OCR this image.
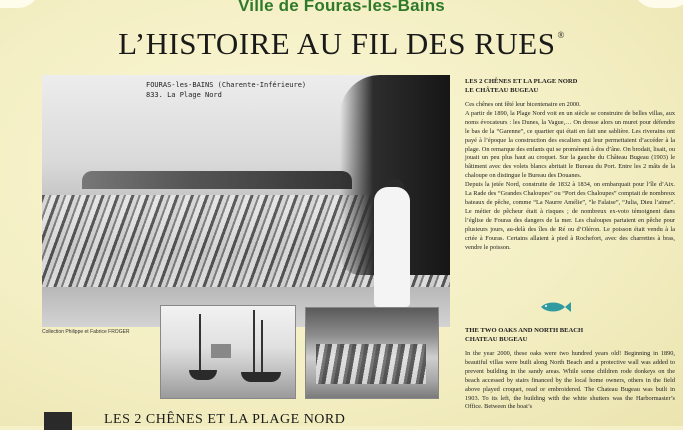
Ville de Fouras-les-Bains
L’HISTOIRE AU FIL DES RUES ®
FOURAS-les-BAINS (Charente-Inférieure)
833. La Plage Nord
Collection Philippe et Fabrice FROGER
LES 2 CHÊNES ET LA PLAGE NORD
LE CHÂTEAU BUGEAU

Ces chênes ont fêté leur bicentenaire en 2000.

A partir de 1890, la Plage Nord voit en un siècle se construire de belles villas, aux noms évocateurs : les Dunes, la Vague,… On dresse alors un muret pour défendre le bas de la “Garenne”, ce quartier qui était en fait une sablière. Les riverains ont payé à l’époque la construction des escaliers qui leur permettaient d’accéder à la plage. On remarque des enfants qui se promènent à dos d’âne. On brodait, lisait, ou jouait un peu plus haut au croquet. Sur la gauche du Château Bugeau (1903) le bâtiment avec des volets blancs abritait le Bureau du Port. Entre les 2 mâts de la chaloupe on distingue le Bureau des Douanes.

Depuis la jetée Nord, construite de 1832 à 1834, on embarquait pour l’île d’Aix. La Rade des “Grandes Chaloupes” ou “Port des Chaloupes” comptait de nombreux bateaux de pêche, comme “La Naurre Amélie”, “le Falaise”, “Julia, Dieu l’aime”. Le métier de pêcheur était à risques ; de nombreux ex-voto témoignent dans l’église de Fouras des dangers de la mer. Les chaloupes partaient en pêche pour plusieurs jours, au-delà des îles de Ré ou d’Oléron. Le poisson était vendu à la criée à Fouras. Certains allaient à pied à Rochefort, avec des charrettes à bras, vendre le poisson.

THE TWO OAKS AND NORTH BEACH
CHATEAU BUGEAU

In the year 2000, these oaks were two hundred years old! Beginning in 1890, beautiful villas were built along North Beach and a protective wall was added to prevent building in the sandy areas. While some children rode donkeys on the beach accessed by stairs financed by the local home owners, others in the field above played croquet, read or embroidered. The Chateau Bugeau was built in 1903. To its left, the building with the white shutters was the Harbormaster’s Office. Between the boat’s

LES 2 CHÊNES ET LA PLAGE NORD
